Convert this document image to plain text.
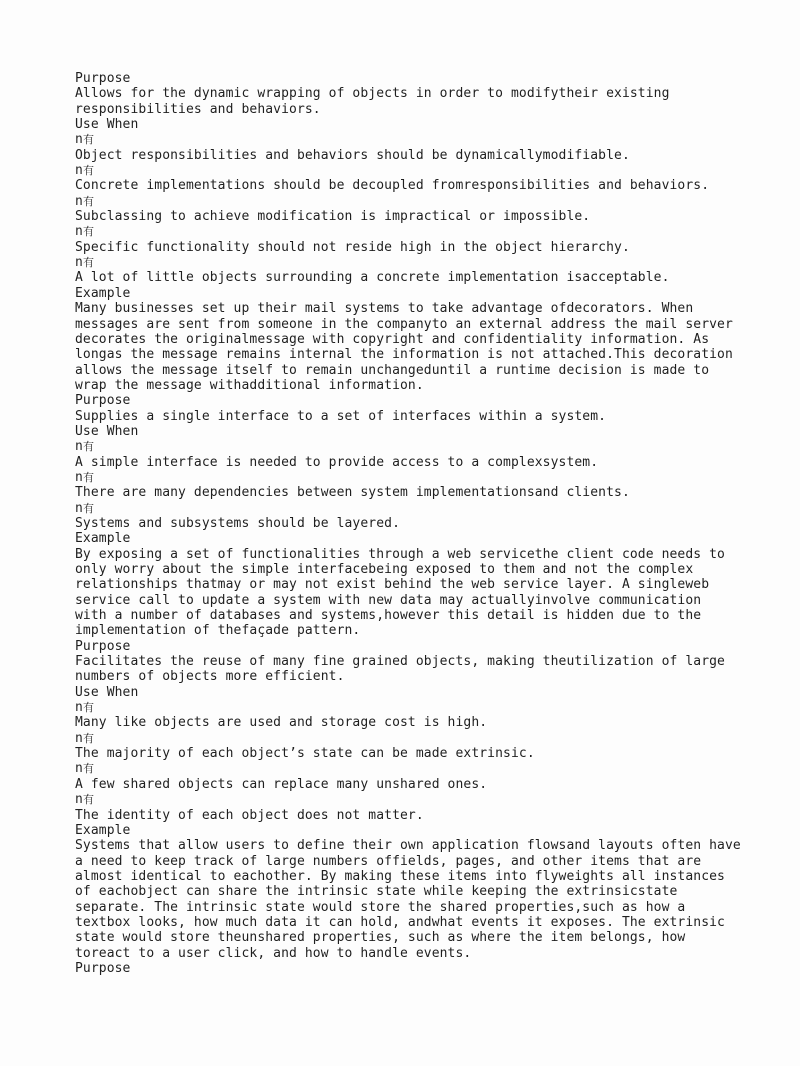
Purpose
Allows for the dynamic wrapping of objects in order to modifytheir existing
responsibilities and behaviors.
Use When
n有
Object responsibilities and behaviors should be dynamicallymodifiable.
n有
Concrete implementations should be decoupled fromresponsibilities and behaviors.
n有
Subclassing to achieve modification is impractical or impossible.
n有
Specific functionality should not reside high in the object hierarchy.
n有
A lot of little objects surrounding a concrete implementation isacceptable.
Example
Many businesses set up their mail systems to take advantage ofdecorators. When
messages are sent from someone in the companyto an external address the mail server
decorates the originalmessage with copyright and confidentiality information. As
longas the message remains internal the information is not attached.This decoration
allows the message itself to remain unchangeduntil a runtime decision is made to
wrap the message withadditional information.
Purpose
Supplies a single interface to a set of interfaces within a system.
Use When
n有
A simple interface is needed to provide access to a complexsystem.
n有
There are many dependencies between system implementationsand clients.
n有
Systems and subsystems should be layered.
Example
By exposing a set of functionalities through a web servicethe client code needs to
only worry about the simple interfacebeing exposed to them and not the complex
relationships thatmay or may not exist behind the web service layer. A singleweb
service call to update a system with new data may actuallyinvolve communication
with a number of databases and systems,however this detail is hidden due to the
implementation of thefaçade pattern.
Purpose
Facilitates the reuse of many fine grained objects, making theutilization of large
numbers of objects more efficient.
Use When
n有
Many like objects are used and storage cost is high.
n有
The majority of each object’s state can be made extrinsic.
n有
A few shared objects can replace many unshared ones.
n有
The identity of each object does not matter.
Example
Systems that allow users to define their own application flowsand layouts often have
a need to keep track of large numbers offields, pages, and other items that are
almost identical to eachother. By making these items into flyweights all instances
of eachobject can share the intrinsic state while keeping the extrinsicstate
separate. The intrinsic state would store the shared properties,such as how a
textbox looks, how much data it can hold, andwhat events it exposes. The extrinsic
state would store theunshared properties, such as where the item belongs, how
toreact to a user click, and how to handle events.
Purpose
